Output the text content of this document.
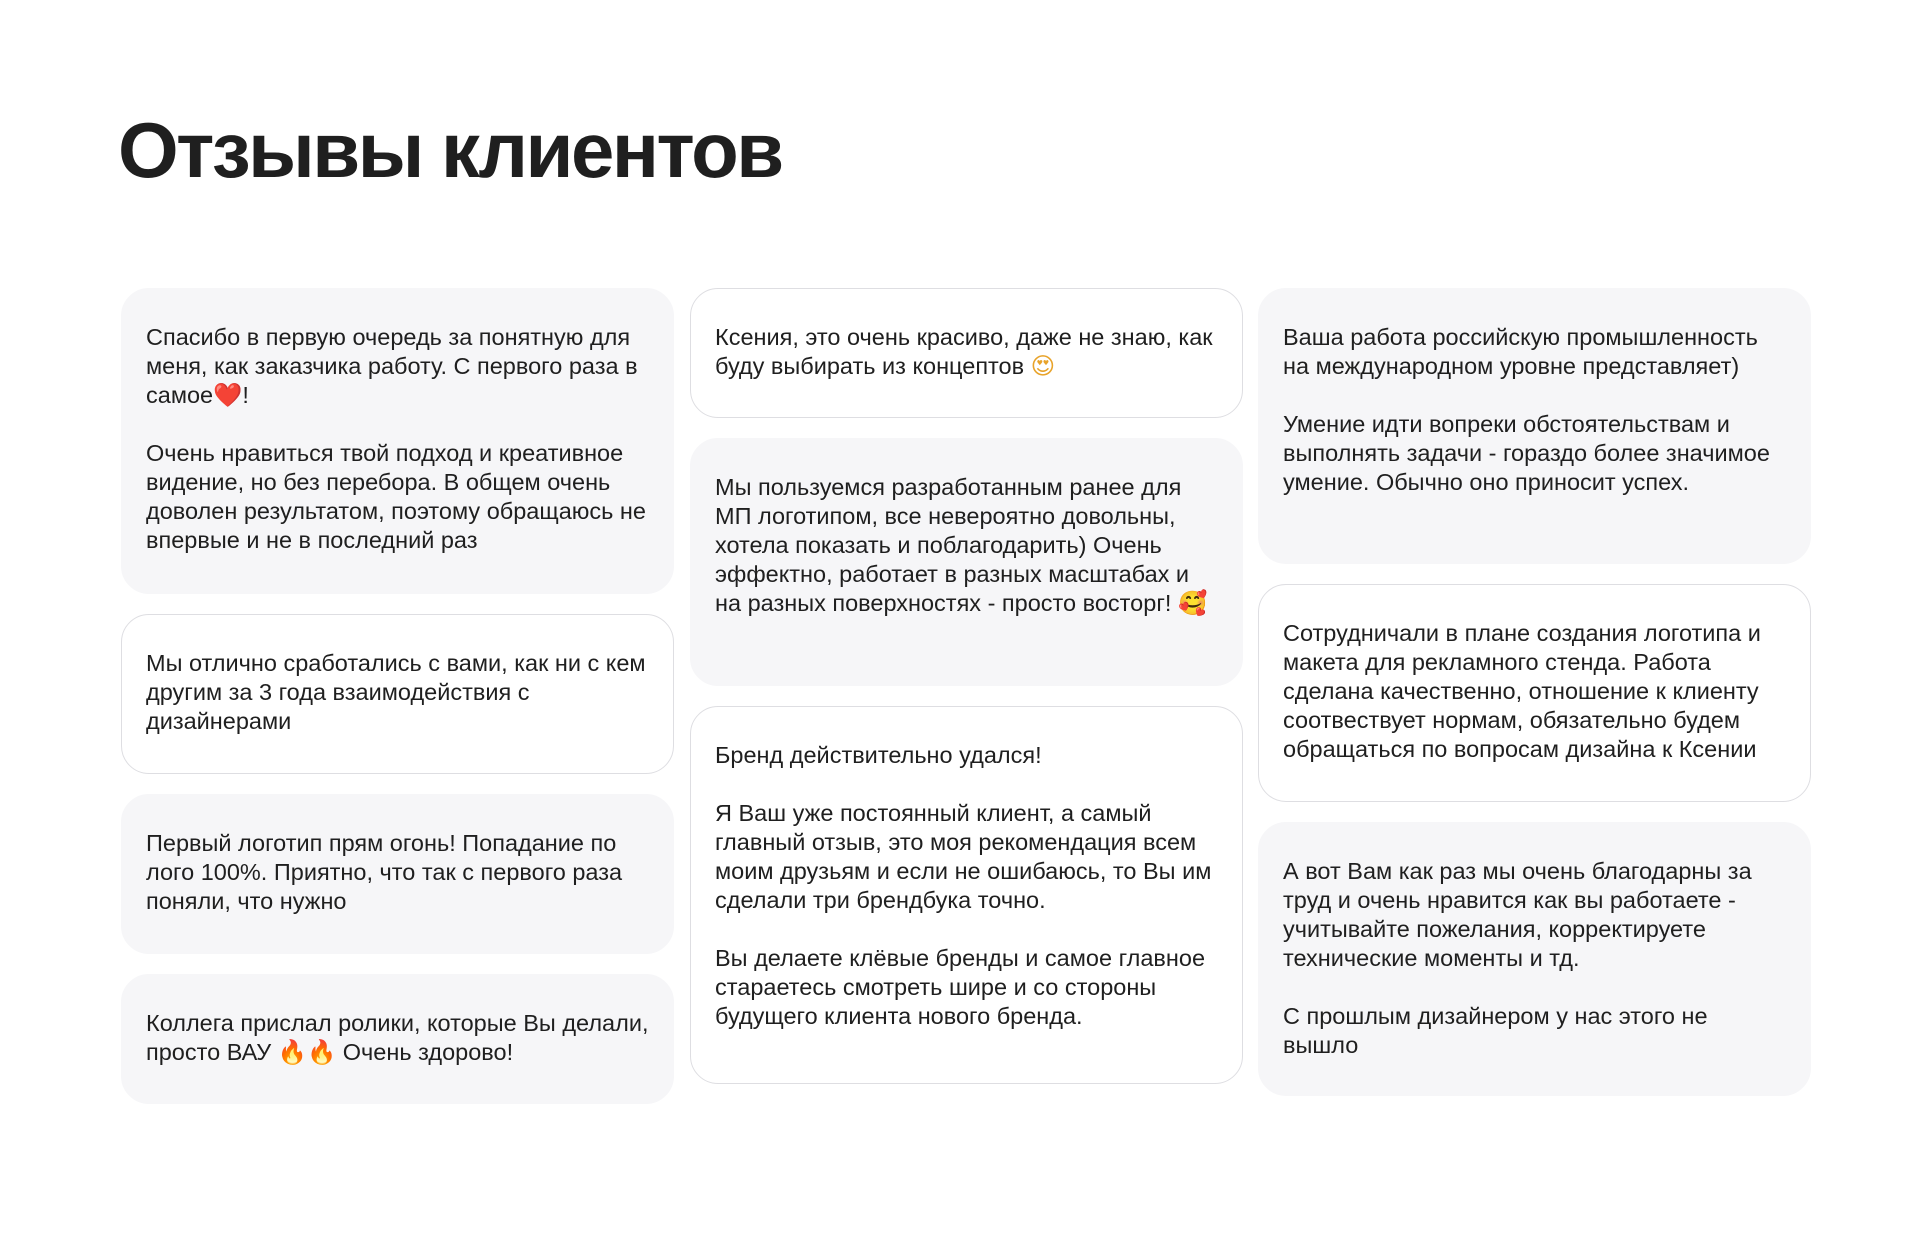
Отзывы клиентов

Спасибо в первую очередь за понятную для меня, как заказчика работу. С первого раза в самое❤️!

Очень нравиться твой подход и креативное видение, но без перебора. В общем очень доволен результатом, поэтому обращаюсь не впервые и не в последний раз

Мы отлично сработались с вами, как ни с кем другим за 3 года взаимодействия с дизайнерами

Первый логотип прям огонь! Попадание по лого 100%. Приятно, что так с первого раза поняли, что нужно

Коллега прислал ролики, которые Вы делали, просто ВАУ 🔥🔥 Очень здорово!

Ксения, это очень красиво, даже не знаю, как буду выбирать из концептов 😍

Мы пользуемся разработанным ранее для МП логотипом, все невероятно довольны, хотела показать и поблагодарить) Очень эффектно, работает в разных масштабах и на разных поверхностях - просто восторг! 🥰

Бренд действительно удался!

Я Ваш уже постоянный клиент, а самый главный отзыв, это моя рекомендация всем моим друзьям и если не ошибаюсь, то Вы им сделали три брендбука точно.

Вы делаете клёвые бренды и самое главное стараетесь смотреть шире и со стороны будущего клиента нового бренда.

Ваша работа российскую промышленность на международном уровне представляет)

Умение идти вопреки обстоятельствам и выполнять задачи - гораздо более значимое умение. Обычно оно приносит успех.

Сотрудничали в плане создания логотипа и макета для рекламного стенда. Работа сделана качественно, отношение к клиенту соотвествует нормам, обязательно будем обращаться по вопросам дизайна к Ксении

А вот Вам как раз мы очень благодарны за труд и очень нравится как вы работаете - учитывайте пожелания, корректируете технические моменты и тд.

С прошлым дизайнером у нас этого не вышло
